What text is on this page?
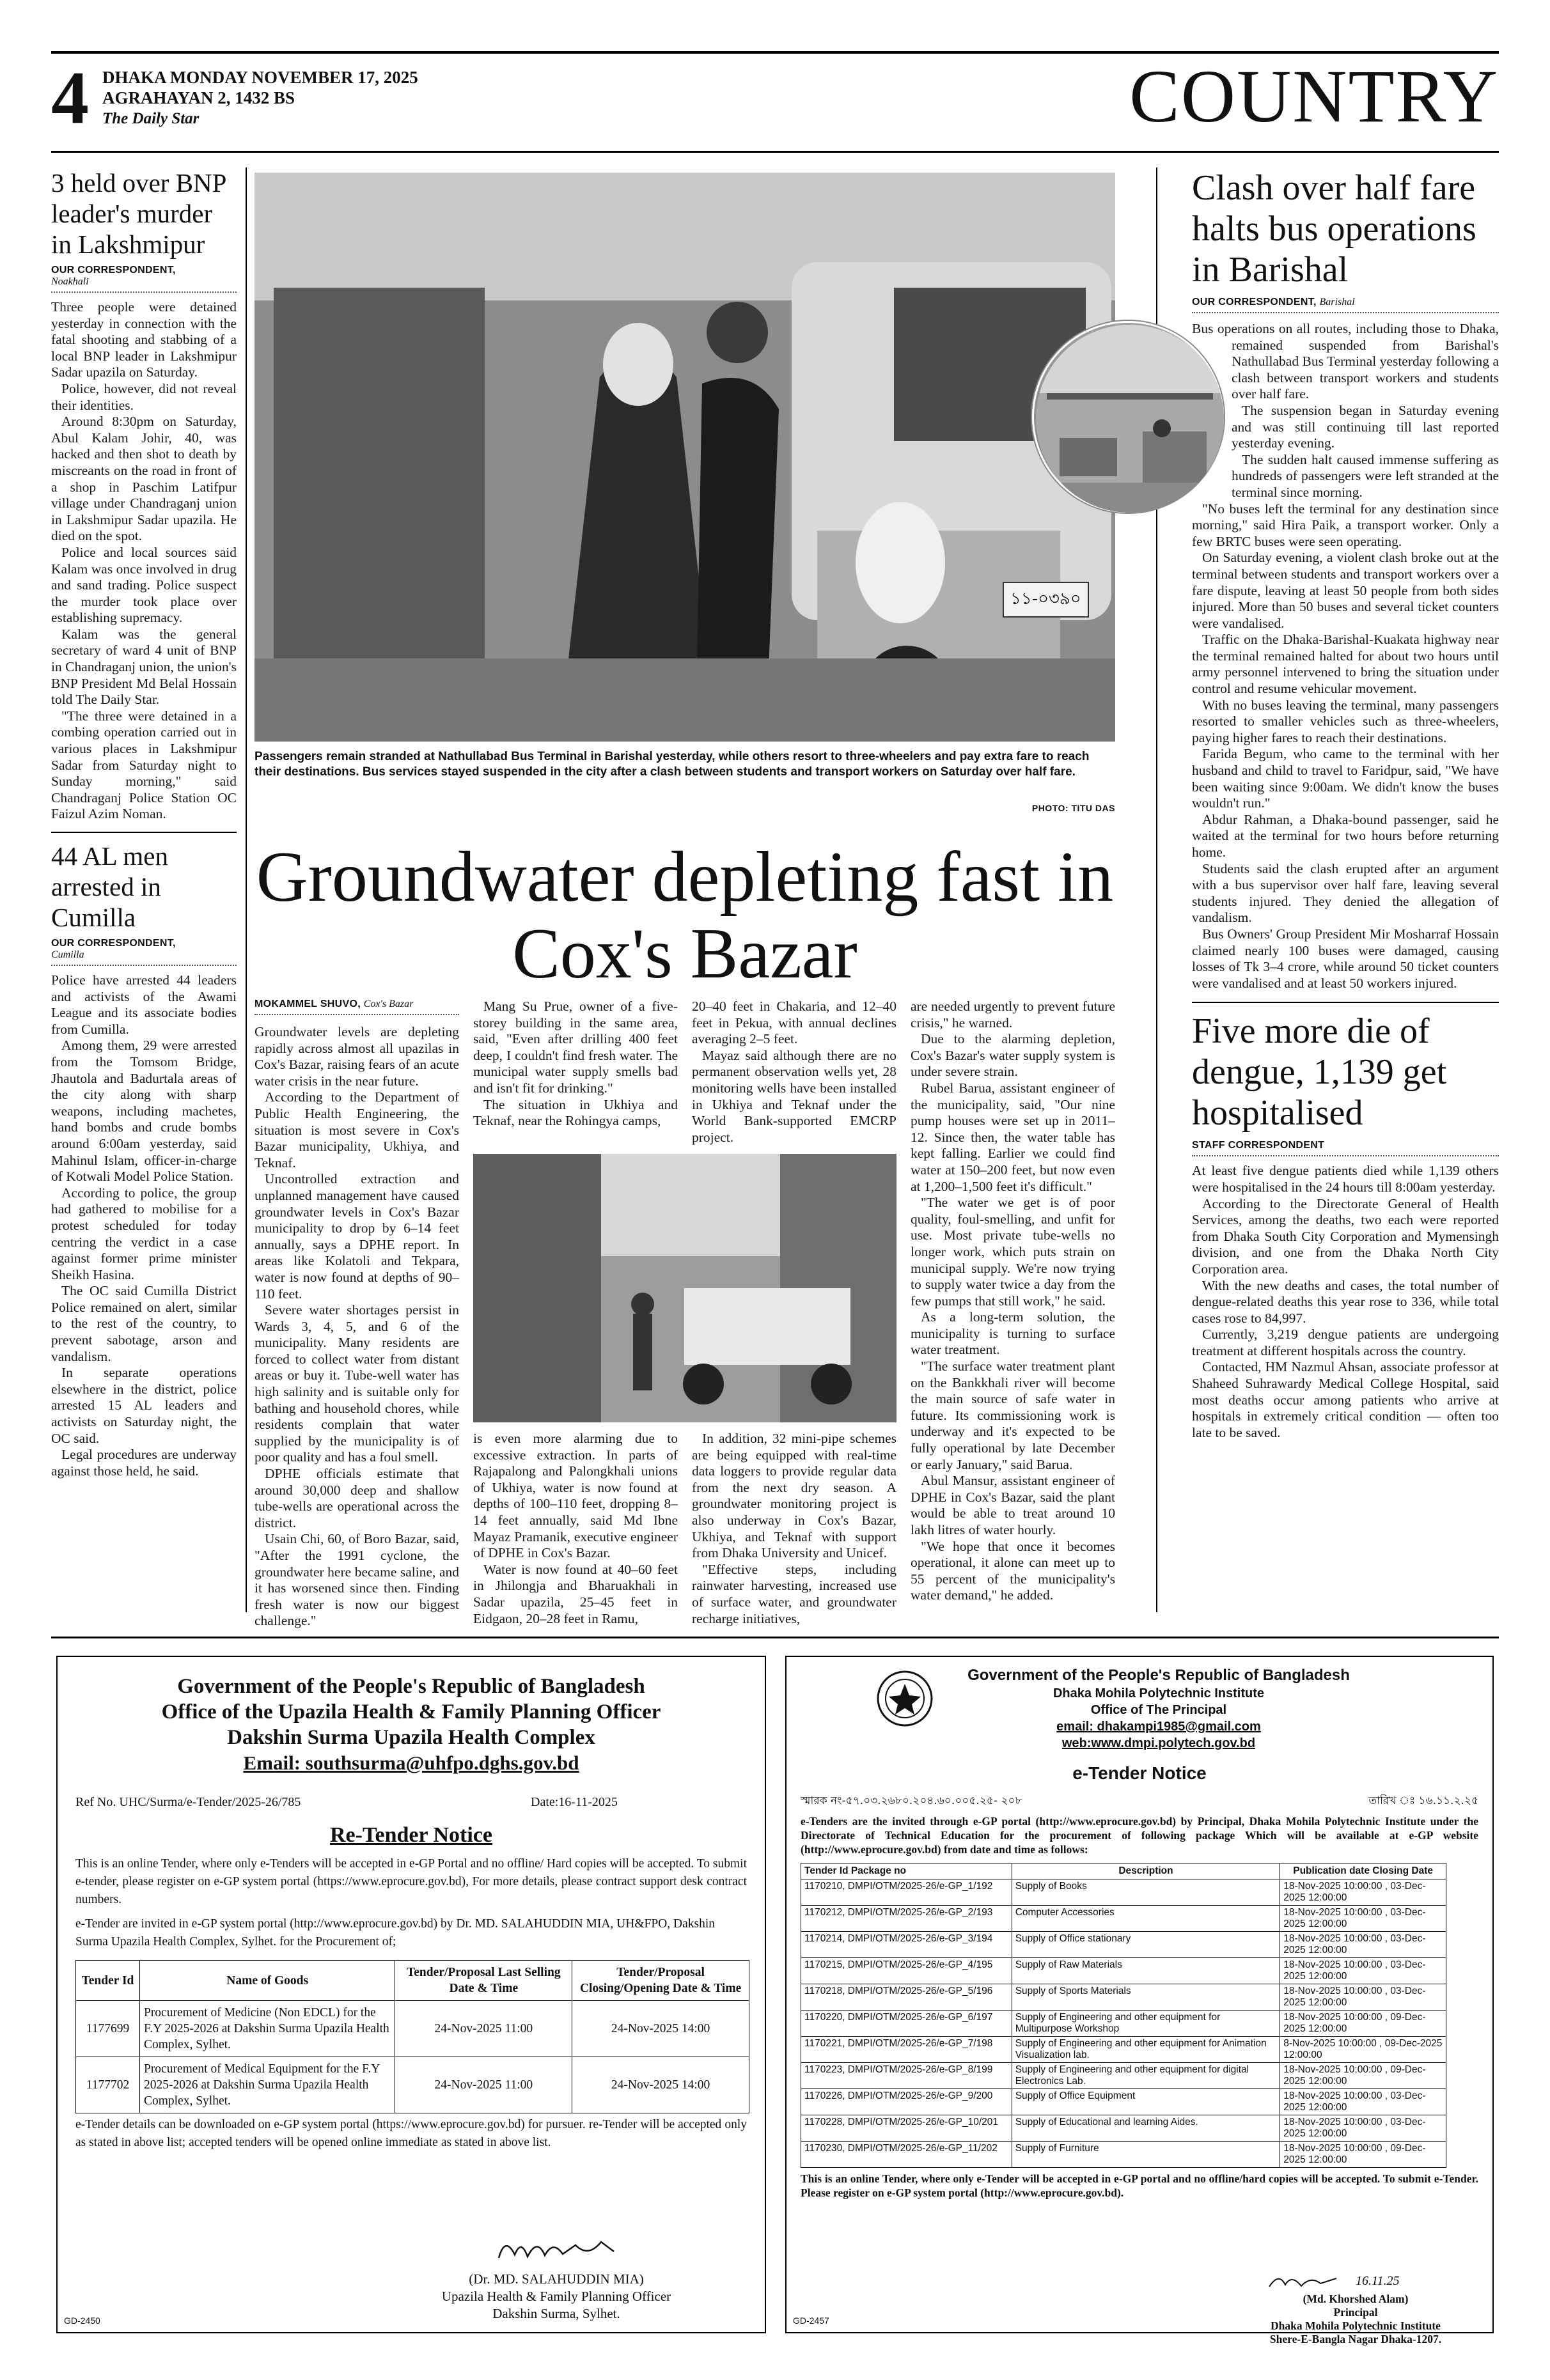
4 DHAKA MONDAY NOVEMBER 17, 2025
AGRAHAYAN 2, 1432 BS
The Daily Star	COUNTRY
3 held over BNP leader's murder in Lakshmipur
OUR CORRESPONDENT,
Noakhali

Three people were detained yesterday in connection with the fatal shooting and stabbing of a local BNP leader in Lakshmipur Sadar upazila on Saturday.

Police, however, did not reveal their identities.

Around 8:30pm on Saturday, Abul Kalam Johir, 40, was hacked and then shot to death by miscreants on the road in front of a shop in Paschim Latifpur village under Chandraganj union in Lakshmipur Sadar upazila. He died on the spot.

Police and local sources said Kalam was once involved in drug and sand trading. Police suspect the murder took place over establishing supremacy.

Kalam was the general secretary of ward 4 unit of BNP in Chandraganj union, the union's BNP President Md Belal Hossain told The Daily Star.

"The three were detained in a combing operation carried out in various places in Lakshmipur Sadar from Saturday night to Sunday morning," said Chandraganj Police Station OC Faizul Azim Noman.

44 AL men arrested in Cumilla
OUR CORRESPONDENT,
Cumilla

Police have arrested 44 leaders and activists of the Awami League and its associate bodies from Cumilla.

Among them, 29 were arrested from the Tomsom Bridge, Jhautola and Badurtala areas of the city along with sharp weapons, including machetes, hand bombs and crude bombs around 6:00am yesterday, said Mahinul Islam, officer-in-charge of Kotwali Model Police Station.

According to police, the group had gathered to mobilise for a protest scheduled for today centring the verdict in a case against former prime minister Sheikh Hasina.

The OC said Cumilla District Police remained on alert, similar to the rest of the country, to prevent sabotage, arson and vandalism.

In separate operations elsewhere in the district, police arrested 15 AL leaders and activists on Saturday night, the OC said.

Legal procedures are underway against those held, he said.

১১-০৩৯০
Passengers remain stranded at Nathullabad Bus Terminal in Barishal yesterday, while others resort to three-wheelers and pay extra fare to reach their destinations. Bus services stayed suspended in the city after a clash between students and transport workers on Saturday over half fare.
PHOTO: TITU DAS
Groundwater depleting fast in Cox's Bazar
MOKAMMEL SHUVO, Cox's Bazar

Groundwater levels are depleting rapidly across almost all upazilas in Cox's Bazar, raising fears of an acute water crisis in the near future.

According to the Department of Public Health Engineering, the situation is most severe in Cox's Bazar municipality, Ukhiya, and Teknaf.

Uncontrolled extraction and unplanned management have caused groundwater levels in Cox's Bazar municipality to drop by 6–14 feet annually, says a DPHE report. In areas like Kolatoli and Tekpara, water is now found at depths of 90–110 feet.

Severe water shortages persist in Wards 3, 4, 5, and 6 of the municipality. Many residents are forced to collect water from distant areas or buy it. Tube-well water has high salinity and is suitable only for bathing and household chores, while residents complain that water supplied by the municipality is of poor quality and has a foul smell.

DPHE officials estimate that around 30,000 deep and shallow tube-wells are operational across the district.

Usain Chi, 60, of Boro Bazar, said, "After the 1991 cyclone, the groundwater here became saline, and it has worsened since then. Finding fresh water is now our biggest challenge."

Mang Su Prue, owner of a five-storey building in the same area, said, "Even after drilling 400 feet deep, I couldn't find fresh water. The municipal water supply smells bad and isn't fit for drinking."

The situation in Ukhiya and Teknaf, near the Rohingya camps,

20–40 feet in Chakaria, and 12–40 feet in Pekua, with annual declines averaging 2–5 feet.

Mayaz said although there are no permanent observation wells yet, 28 monitoring wells have been installed in Ukhiya and Teknaf under the World Bank-supported EMCRP project.

is even more alarming due to excessive extraction. In parts of Rajapalong and Palongkhali unions of Ukhiya, water is now found at depths of 100–110 feet, dropping 8–14 feet annually, said Md Ibne Mayaz Pramanik, executive engineer of DPHE in Cox's Bazar.

Water is now found at 40–60 feet in Jhilongja and Bharuakhali in Sadar upazila, 25–45 feet in Eidgaon, 20–28 feet in Ramu,

In addition, 32 mini-pipe schemes are being equipped with real-time data loggers to provide regular data from the next dry season. A groundwater monitoring project is also underway in Cox's Bazar, Ukhiya, and Teknaf with support from Dhaka University and Unicef.

"Effective steps, including rainwater harvesting, increased use of surface water, and groundwater recharge initiatives,

are needed urgently to prevent future crisis," he warned.

Due to the alarming depletion, Cox's Bazar's water supply system is under severe strain.

Rubel Barua, assistant engineer of the municipality, said, "Our nine pump houses were set up in 2011–12. Since then, the water table has kept falling. Earlier we could find water at 150–200 feet, but now even at 1,200–1,500 feet it's difficult."

"The water we get is of poor quality, foul-smelling, and unfit for use. Most private tube-wells no longer work, which puts strain on municipal supply. We're now trying to supply water twice a day from the few pumps that still work," he said.

As a long-term solution, the municipality is turning to surface water treatment.

"The surface water treatment plant on the Bankkhali river will become the main source of safe water in future. Its commissioning work is underway and it's expected to be fully operational by late December or early January," said Barua.

Abul Mansur, assistant engineer of DPHE in Cox's Bazar, said the plant would be able to treat around 10 lakh litres of water hourly.

"We hope that once it becomes operational, it alone can meet up to 55 percent of the municipality's water demand," he added.

Clash over half fare halts bus operations in Barishal
OUR CORRESPONDENT, Barishal

Bus operations on all routes, including those to Dhaka, remained suspended from Barishal's Nathullabad Bus Terminal yesterday following a clash between transport workers and students over half fare.

The suspension began in Saturday evening and was still continuing till last reported yesterday evening.

The sudden halt caused immense suffering as hundreds of passengers were left stranded at the terminal since morning.

"No buses left the terminal for any destination since morning," said Hira Paik, a transport worker. Only a few BRTC buses were seen operating.

On Saturday evening, a violent clash broke out at the terminal between students and transport workers over a fare dispute, leaving at least 50 people from both sides injured. More than 50 buses and several ticket counters were vandalised.

Traffic on the Dhaka-Barishal-Kuakata highway near the terminal remained halted for about two hours until army personnel intervened to bring the situation under control and resume vehicular movement.

With no buses leaving the terminal, many passengers resorted to smaller vehicles such as three-wheelers, paying higher fares to reach their destinations.

Farida Begum, who came to the terminal with her husband and child to travel to Faridpur, said, "We have been waiting since 9:00am. We didn't know the buses wouldn't run."

Abdur Rahman, a Dhaka-bound passenger, said he waited at the terminal for two hours before returning home.

Students said the clash erupted after an argument with a bus supervisor over half fare, leaving several students injured. They denied the allegation of vandalism.

Bus Owners' Group President Mir Mosharraf Hossain claimed nearly 100 buses were damaged, causing losses of Tk 3–4 crore, while around 50 ticket counters were vandalised and at least 50 workers injured.

Five more die of dengue, 1,139 get hospitalised
STAFF CORRESPONDENT

At least five dengue patients died while 1,139 others were hospitalised in the 24 hours till 8:00am yesterday.

According to the Directorate General of Health Services, among the deaths, two each were reported from Dhaka South City Corporation and Mymensingh division, and one from the Dhaka North City Corporation area.

With the new deaths and cases, the total number of dengue-related deaths this year rose to 336, while total cases rose to 84,997.

Currently, 3,219 dengue patients are undergoing treatment at different hospitals across the country.

Contacted, HM Nazmul Ahsan, associate professor at Shaheed Suhrawardy Medical College Hospital, said most deaths occur among patients who arrive at hospitals in extremely critical condition — often too late to be saved.

Government of the People's Republic of Bangladesh
Office of the Upazila Health & Family Planning Officer
Dakshin Surma Upazila Health Complex
Email: southsurma@uhfpo.dghs.gov.bd
Ref No. UHC/Surma/e-Tender/2025-26/785	Date:16-11-2025
Re-Tender Notice
This is an online Tender, where only e-Tenders will be accepted in e-GP Portal and no offline/ Hard copies will be accepted. To submit e-tender, please register on e-GP system portal (https://www.eprocure.gov.bd), For more details, please contract support desk contract numbers.
e-Tender are invited in e-GP system portal (http://www.eprocure.gov.bd) by Dr. MD. SALAHUDDIN MIA, UH&FPO, Dakshin Surma Upazila Health Complex, Sylhet. for the Procurement of;
Tender Id	Name of Goods	Tender/Proposal Last Selling Date & Time	Tender/Proposal Closing/Opening Date & Time
1177699	Procurement of Medicine (Non EDCL) for the F.Y 2025-2026 at Dakshin Surma Upazila Health Complex, Sylhet.	24-Nov-2025 11:00	24-Nov-2025 14:00
1177702	Procurement of Medical Equipment for the F.Y 2025-2026 at Dakshin Surma Upazila Health Complex, Sylhet.	24-Nov-2025 11:00	24-Nov-2025 14:00
e-Tender details can be downloaded on e-GP system portal (https://www.eprocure.gov.bd) for pursuer. re-Tender will be accepted only as stated in above list; accepted tenders will be opened online immediate as stated in above list.
(Dr. MD. SALAHUDDIN MIA)
Upazila Health & Family Planning Officer
Dakshin Surma, Sylhet.
GD-2450
Government of the People's Republic of Bangladesh
Dhaka Mohila Polytechnic Institute
Office of The Principal
email: dhakampi1985@gmail.com
web:www.dmpi.polytech.gov.bd
e-Tender Notice
স্মারক নং-৫৭.০৩.২৬৮০.২০৪.৬০.০০৫.২৫- ২০৮	তারিখ ঃ ১৬.১১.২.২৫
e-Tenders are the invited through e-GP portal (http://www.eprocure.gov.bd) by Principal, Dhaka Mohila Polytechnic Institute under the Directorate of Technical Education for the procurement of following package Which will be available at e-GP website (http://www.eprocure.gov.bd) from date and time as follows:
Tender Id Package no	Description	Publication date Closing Date
1170210, DMPI/OTM/2025-26/e-GP_1/192	Supply of Books	18-Nov-2025 10:00:00 , 03-Dec-2025 12:00:00
1170212, DMPI/OTM/2025-26/e-GP_2/193	Computer Accessories	18-Nov-2025 10:00:00 , 03-Dec-2025 12:00:00
1170214, DMPI/OTM/2025-26/e-GP_3/194	Supply of Office stationary	18-Nov-2025 10:00:00 , 03-Dec-2025 12:00:00
1170215, DMPI/OTM/2025-26/e-GP_4/195	Supply of Raw Materials	18-Nov-2025 10:00:00 , 03-Dec-2025 12:00:00
1170218, DMPI/OTM/2025-26/e-GP_5/196	Supply of Sports Materials	18-Nov-2025 10:00:00 , 03-Dec-2025 12:00:00
1170220, DMPI/OTM/2025-26/e-GP_6/197	Supply of Engineering and other equipment for Multipurpose Workshop	18-Nov-2025 10:00:00 , 09-Dec-2025 12:00:00
1170221, DMPI/OTM/2025-26/e-GP_7/198	Supply of Engineering and other equipment for Animation Visualization lab.	8-Nov-2025 10:00:00 , 09-Dec-2025 12:00:00
1170223, DMPI/OTM/2025-26/e-GP_8/199	Supply of Engineering and other equipment for digital Electronics Lab.	18-Nov-2025 10:00:00 , 09-Dec-2025 12:00:00
1170226, DMPI/OTM/2025-26/e-GP_9/200	Supply of Office Equipment	18-Nov-2025 10:00:00 , 03-Dec-2025 12:00:00
1170228, DMPI/OTM/2025-26/e-GP_10/201	Supply of Educational and learning Aides.	18-Nov-2025 10:00:00 , 03-Dec-2025 12:00:00
1170230, DMPI/OTM/2025-26/e-GP_11/202	Supply of Furniture	18-Nov-2025 10:00:00 , 09-Dec-2025 12:00:00
This is an online Tender, where only e-Tender will be accepted in e-GP portal and no offline/hard copies will be accepted. To submit e-Tender. Please register on e-GP system portal (http://www.eprocure.gov.bd).
16.11.25
(Md. Khorshed Alam)
Principal
Dhaka Mohila Polytechnic Institute
Shere-E-Bangla Nagar Dhaka-1207.
GD-2457
